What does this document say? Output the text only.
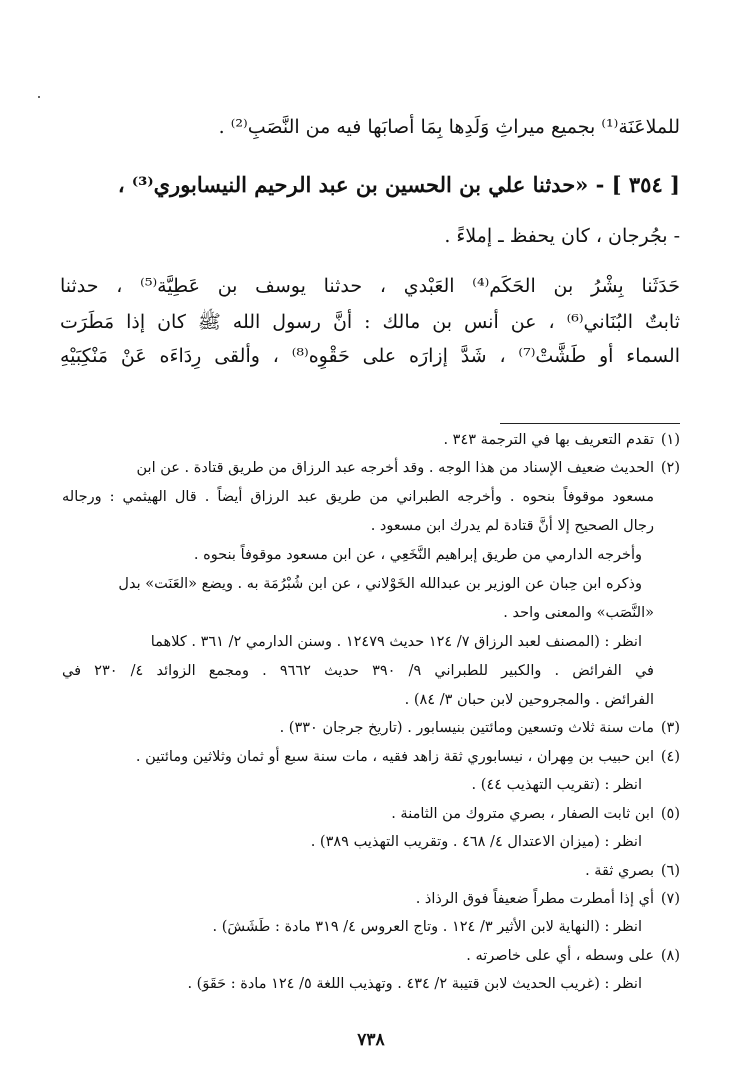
للملاعَنَة⁽¹⁾ بجميع ميراثِ وَلَدِها بِمَا أصابَها فيه من النَّصَبِ⁽²⁾ .
[ ٣٥٤ ] - «حدثنا علي بن الحسين بن عبد الرحيم النيسابوري⁽³⁾ ،
- بجُرجان ، كان يحفظ ـ إملاءً .
حَدَثَنا بِشْرُ بن الحَكَم⁽⁴⁾ العَبْدي ، حدثنا يوسف بن عَطِيَّة⁽⁵⁾ ، حدثنا
ثابتٌ البُنَاني⁽⁶⁾ ، عن أنس بن مالك : أنَّ رسول الله ﷺ كان إذا مَطَرَت
السماء أو طَشَّتْ⁽⁷⁾ ، شَدَّ إزارَه على حَقْوِه⁽⁸⁾ ، وألقى رِدَاءَه عَنْ مَنْكِبَيْهِ
(١)تقدم التعريف بها في الترجمة ٣٤٣ .
(٢)الحديث ضعيف الإسناد من هذا الوجه . وقد أخرجه عبد الرزاق من طريق قتادة . عن ابن
مسعود موقوفاً بنحوه . وأخرجه الطبراني من طريق عبد الرزاق أيضاً . قال الهيثمي : ورجاله
رجال الصحيح إلا أنَّ قتادة لم يدرك ابن مسعود .
وأخرجه الدارمي من طريق إبراهيم النَّخَعِي ، عن ابن مسعود موقوفاً بنحوه .
وذكره ابن حِبان عن الوزير بن عبدالله الخَوْلاني ، عن ابن شُبْرُمَة به . ويضع «العَنَت» بدل
«النَّصَب» والمعنى واحد .
انظر : (المصنف لعبد الرزاق ٧/ ١٢٤ حديث ١٢٤٧٩ . وسنن الدارمي ٢/ ٣٦١ . كلاهما
في الفرائض . والكبير للطبراني ٩/ ٣٩٠ حديث ٩٦٦٢ . ومجمع الزوائد ٤/ ٢٣٠ في
الفرائض . والمجروحين لابن حبان ٣/ ٨٤) .
(٣)مات سنة ثلاث وتسعين ومائتين بنيسابور . (تاريخ جرجان ٣٣٠) .
(٤)ابن حبيب بن مِهران ، نيسابوري ثقة زاهد فقيه ، مات سنة سبع أو ثمان وثلاثين ومائتين .
انظر : (تقريب التهذيب ٤٤) .
(٥)ابن ثابت الصفار ، بصري متروك من الثامنة .
انظر : (ميزان الاعتدال ٤/ ٤٦٨ . وتقريب التهذيب ٣٨٩) .
(٦)بصري ثقة .
(٧)أي إذا أمطرت مطراً ضعيفاً فوق الرذاذ .
انظر : (النهاية لابن الأثير ٣/ ١٢٤ . وتاج العروس ٤/ ٣١٩ مادة : طَشَشَ) .
(٨)على وسطه ، أي على خاصرته .
انظر : (غريب الحديث لابن قتيبة ٢/ ٤٣٤ . وتهذيب اللغة ٥/ ١٢٤ مادة : حَقَوَ) .
٧٣٨
